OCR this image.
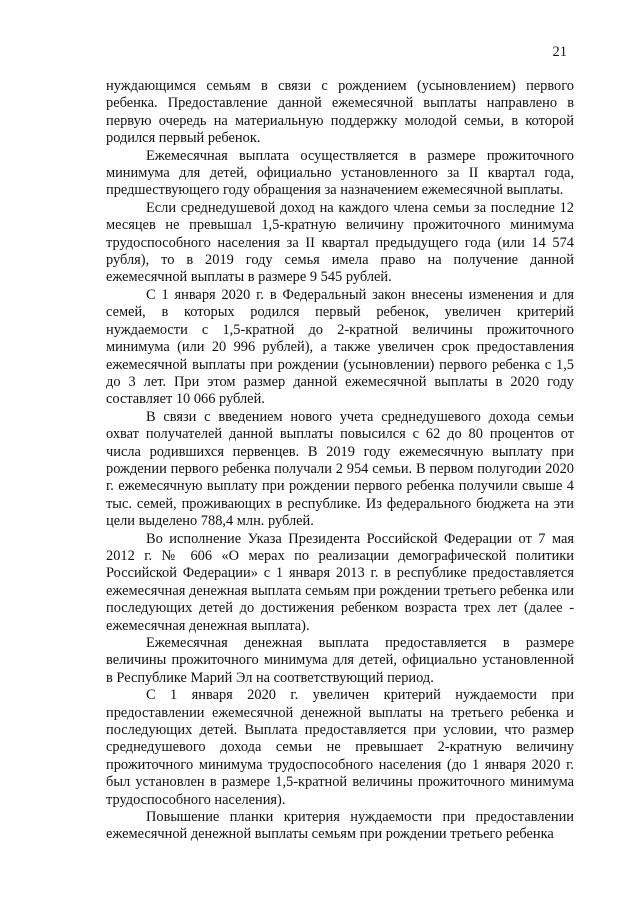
21

нуждающимся семьям в связи с рождением (усыновлением) первого ребенка. Предоставление данной ежемесячной выплаты направлено в первую очередь на материальную поддержку молодой семьи, в которой родился первый ребенок.

Ежемесячная выплата осуществляется в размере прожиточного минимума для детей, официально установленного за II квартал года, предшествующего году обращения за назначением ежемесячной выплаты.

Если среднедушевой доход на каждого члена семьи за последние 12 месяцев не превышал 1,5-кратную величину прожиточного минимума трудоспособного населения за II квартал предыдущего года (или 14 574 рубля), то в 2019 году семья имела право на получение данной ежемесячной выплаты в размере 9 545 рублей.

С 1 января 2020 г. в Федеральный закон внесены изменения и для семей, в которых родился первый ребенок, увеличен критерий нуждаемости с 1,5-кратной до 2-кратной величины прожиточного минимума (или 20 996 рублей), а также увеличен срок предоставления ежемесячной выплаты при рождении (усыновлении) первого ребенка с 1,5 до 3 лет. При этом размер данной ежемесячной выплаты в 2020 году составляет 10 066 рублей.

В связи с введением нового учета среднедушевого дохода семьи охват получателей данной выплаты повысился с 62 до 80 процентов от числа родившихся первенцев. В 2019 году ежемесячную выплату при рождении первого ребенка получали 2 954 семьи. В первом полугодии 2020 г. ежемесячную выплату при рождении первого ребенка получили свыше 4 тыс. семей, проживающих в республике. Из федерального бюджета на эти цели выделено 788,4 млн. рублей.

Во исполнение Указа Президента Российской Федерации от 7 мая 2012 г. № 606 «О мерах по реализации демографической политики Российской Федерации» с 1 января 2013 г. в республике предоставляется ежемесячная денежная выплата семьям при рождении третьего ребенка или последующих детей до достижения ребенком возраста трех лет (далее - ежемесячная денежная выплата).

Ежемесячная денежная выплата предоставляется в размере величины прожиточного минимума для детей, официально установленной в Республике Марий Эл на соответствующий период.

С 1 января 2020 г. увеличен критерий нуждаемости при предоставлении ежемесячной денежной выплаты на третьего ребенка и последующих детей. Выплата предоставляется при условии, что размер среднедушевого дохода семьи не превышает 2-кратную величину прожиточного минимума трудоспособного населения (до 1 января 2020 г. был установлен в размере 1,5-кратной величины прожиточного минимума трудоспособного населения).

Повышение планки критерия нуждаемости при предоставлении ежемесячной денежной выплаты семьям при рождении третьего ребенка
